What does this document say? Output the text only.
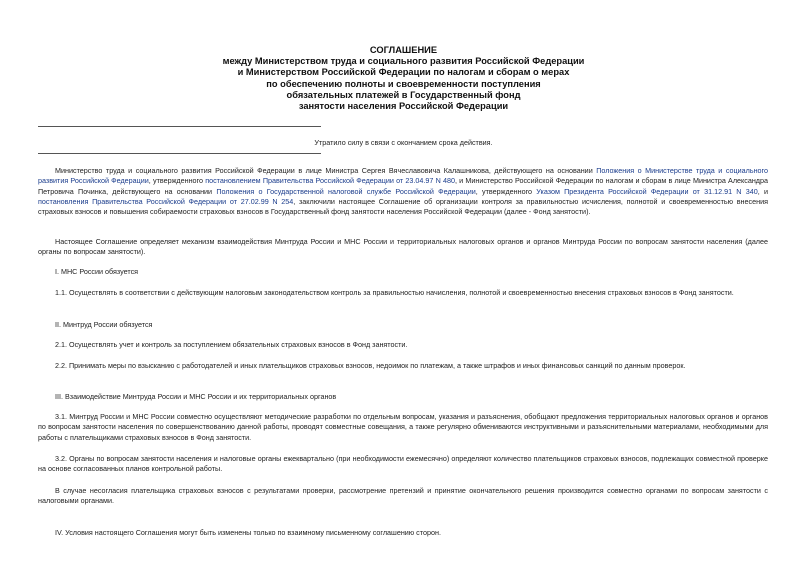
СОГЛАШЕНИЕ
между Министерством труда и социального развития Российской Федерации
и Министерством Российской Федерации по налогам и сборам о мерах
по обеспечению полноты и своевременности поступления
обязательных платежей в Государственный фонд
занятости населения Российской Федерации
Утратило силу в связи с окончанием срока действия.
Министерство труда и социального развития Российской Федерации в лице Министра Сергея Вячеславовича Калашникова, действующего на основании Положения о Министерстве труда и социального развития Российской Федерации, утвержденного постановлением Правительства Российской Федерации от 23.04.97 N 480, и Министерство Российской Федерации по налогам и сборам в лице Министра Александра Петровича Починка, действующего на основании Положения о Государственной налоговой службе Российской Федерации, утвержденного Указом Президента Российской Федерации от 31.12.91 N 340, и постановления Правительства Российской Федерации от 27.02.99 N 254, заключили настоящее Соглашение об организации контроля за правильностью исчисления, полнотой и своевременностью внесения страховых взносов и повышения собираемости страховых взносов в Государственный фонд занятости населения Российской Федерации (далее - Фонд занятости).
Настоящее Соглашение определяет механизм взаимодействия Минтруда России и МНС России и территориальных налоговых органов и органов Минтруда России по вопросам занятости населения (далее органы по вопросам занятости).
I. МНС России обязуется
1.1. Осуществлять в соответствии с действующим налоговым законодательством контроль за правильностью начисления, полнотой и своевременностью внесения страховых взносов в Фонд занятости.
II. Минтруд России обязуется
2.1. Осуществлять учет и контроль за поступлением обязательных страховых взносов в Фонд занятости.
2.2. Принимать меры по взысканию с работодателей и иных плательщиков страховых взносов, недоимок по платежам, а также штрафов и иных финансовых санкций по данным проверок.
III. Взаимодействие Минтруда России и МНС России и их территориальных органов
3.1. Минтруд России и МНС России совместно осуществляют методические разработки по отдельным вопросам, указания и разъяснения, обобщают предложения территориальных налоговых органов и органов по вопросам занятости населения по совершенствованию данной работы, проводят совместные совещания, а также регулярно обмениваются инструктивными и разъяснительными материалами, необходимыми для работы с плательщиками страховых взносов в Фонд занятости.
3.2. Органы по вопросам занятости населения и налоговые органы ежеквартально (при необходимости ежемесячно) определяют количество плательщиков страховых взносов, подлежащих совместной проверке на основе согласованных планов контрольной работы.
В случае несогласия плательщика страховых взносов с результатами проверки, рассмотрение претензий и принятие окончательного решения производится совместно органами по вопросам занятости с налоговыми органами.
IV. Условия настоящего Соглашения могут быть изменены только по взаимному письменному соглашению сторон.
